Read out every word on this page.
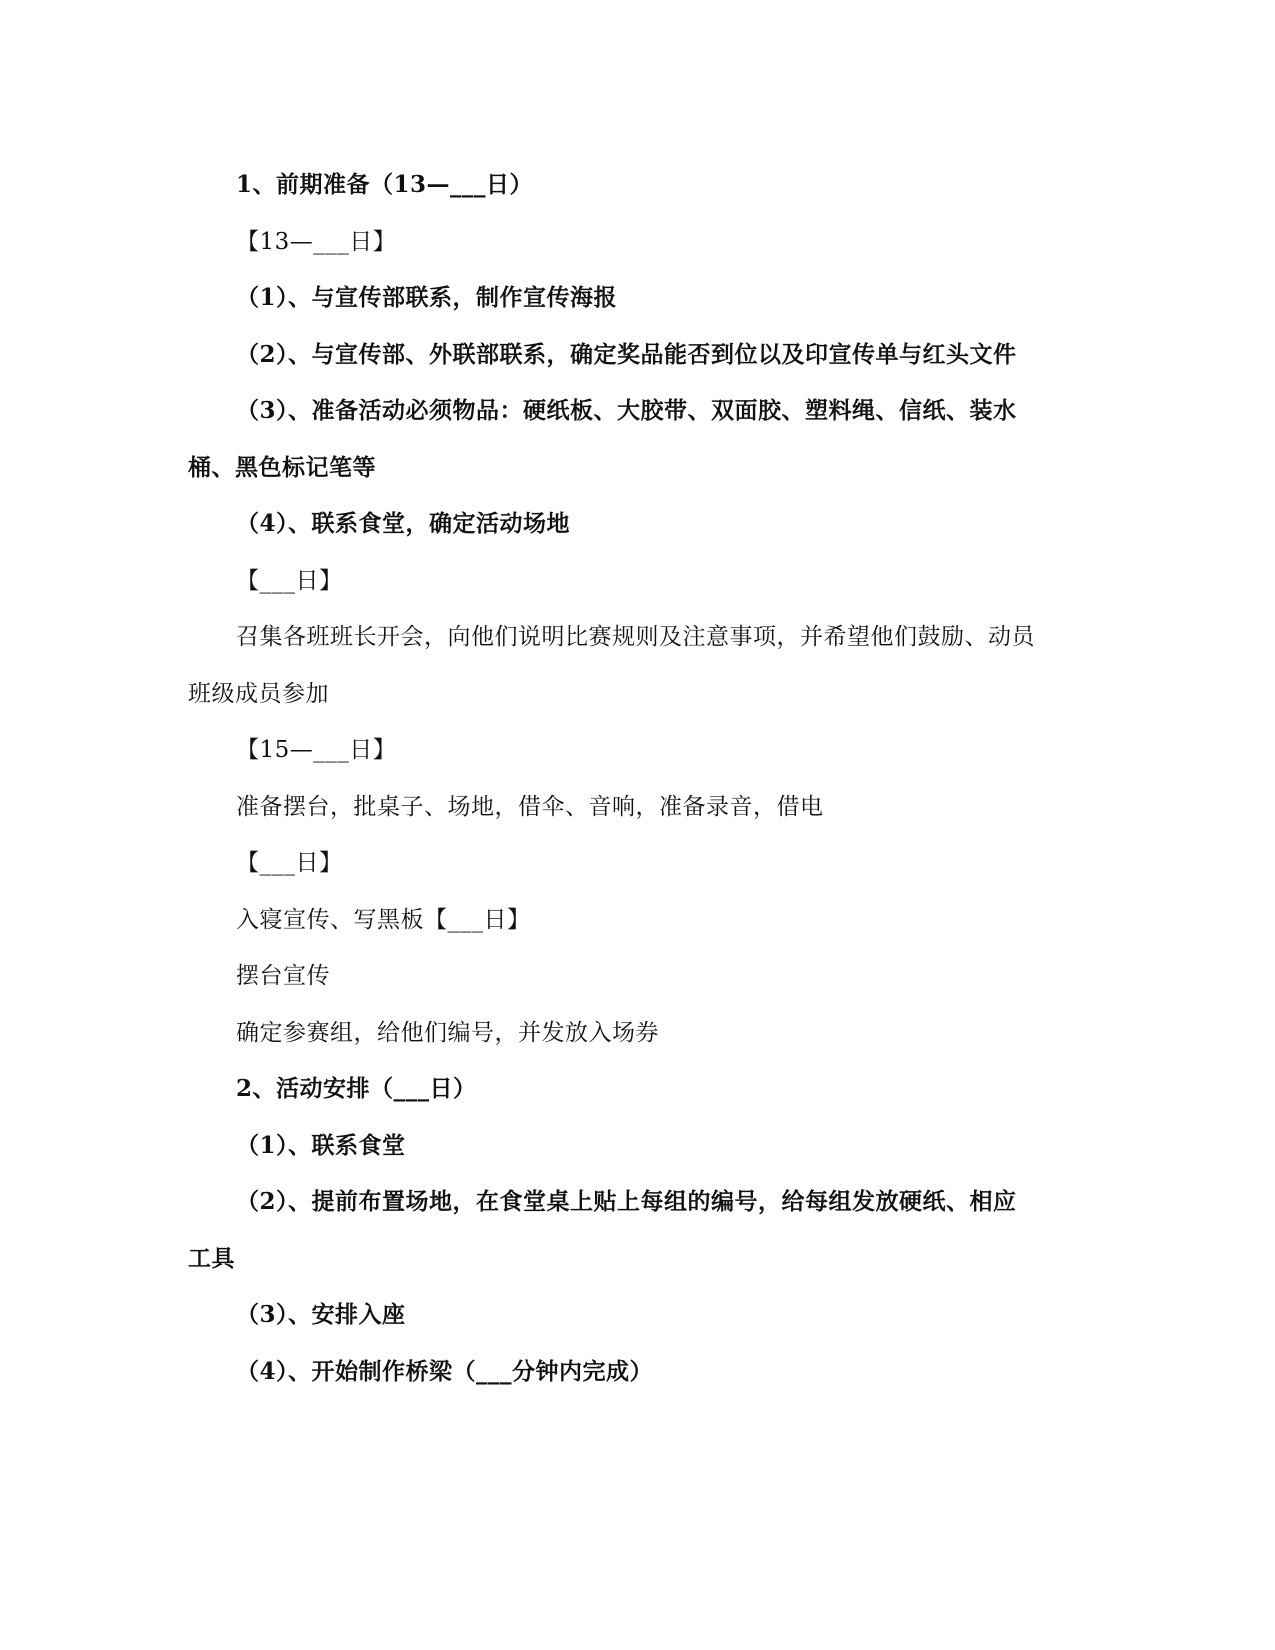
1、前期准备（13—___日）
【13—___日】
（1）、与宣传部联系，制作宣传海报
（2）、与宣传部、外联部联系，确定奖品能否到位以及印宣传单与红头文件
（3）、准备活动必须物品：硬纸板、大胶带、双面胶、塑料绳、信纸、装水
桶、黑色标记笔等
（4）、联系食堂，确定活动场地
【___日】
召集各班班长开会，向他们说明比赛规则及注意事项，并希望他们鼓励、动员
班级成员参加
【15—___日】
准备摆台，批桌子、场地，借伞、音响，准备录音，借电
【___日】
入寝宣传、写黑板【___日】
摆台宣传
确定参赛组，给他们编号，并发放入场券
2、活动安排（___日）
（1）、联系食堂
（2）、提前布置场地，在食堂桌上贴上每组的编号，给每组发放硬纸、相应
工具
（3）、安排入座
（4）、开始制作桥梁（___分钟内完成）
